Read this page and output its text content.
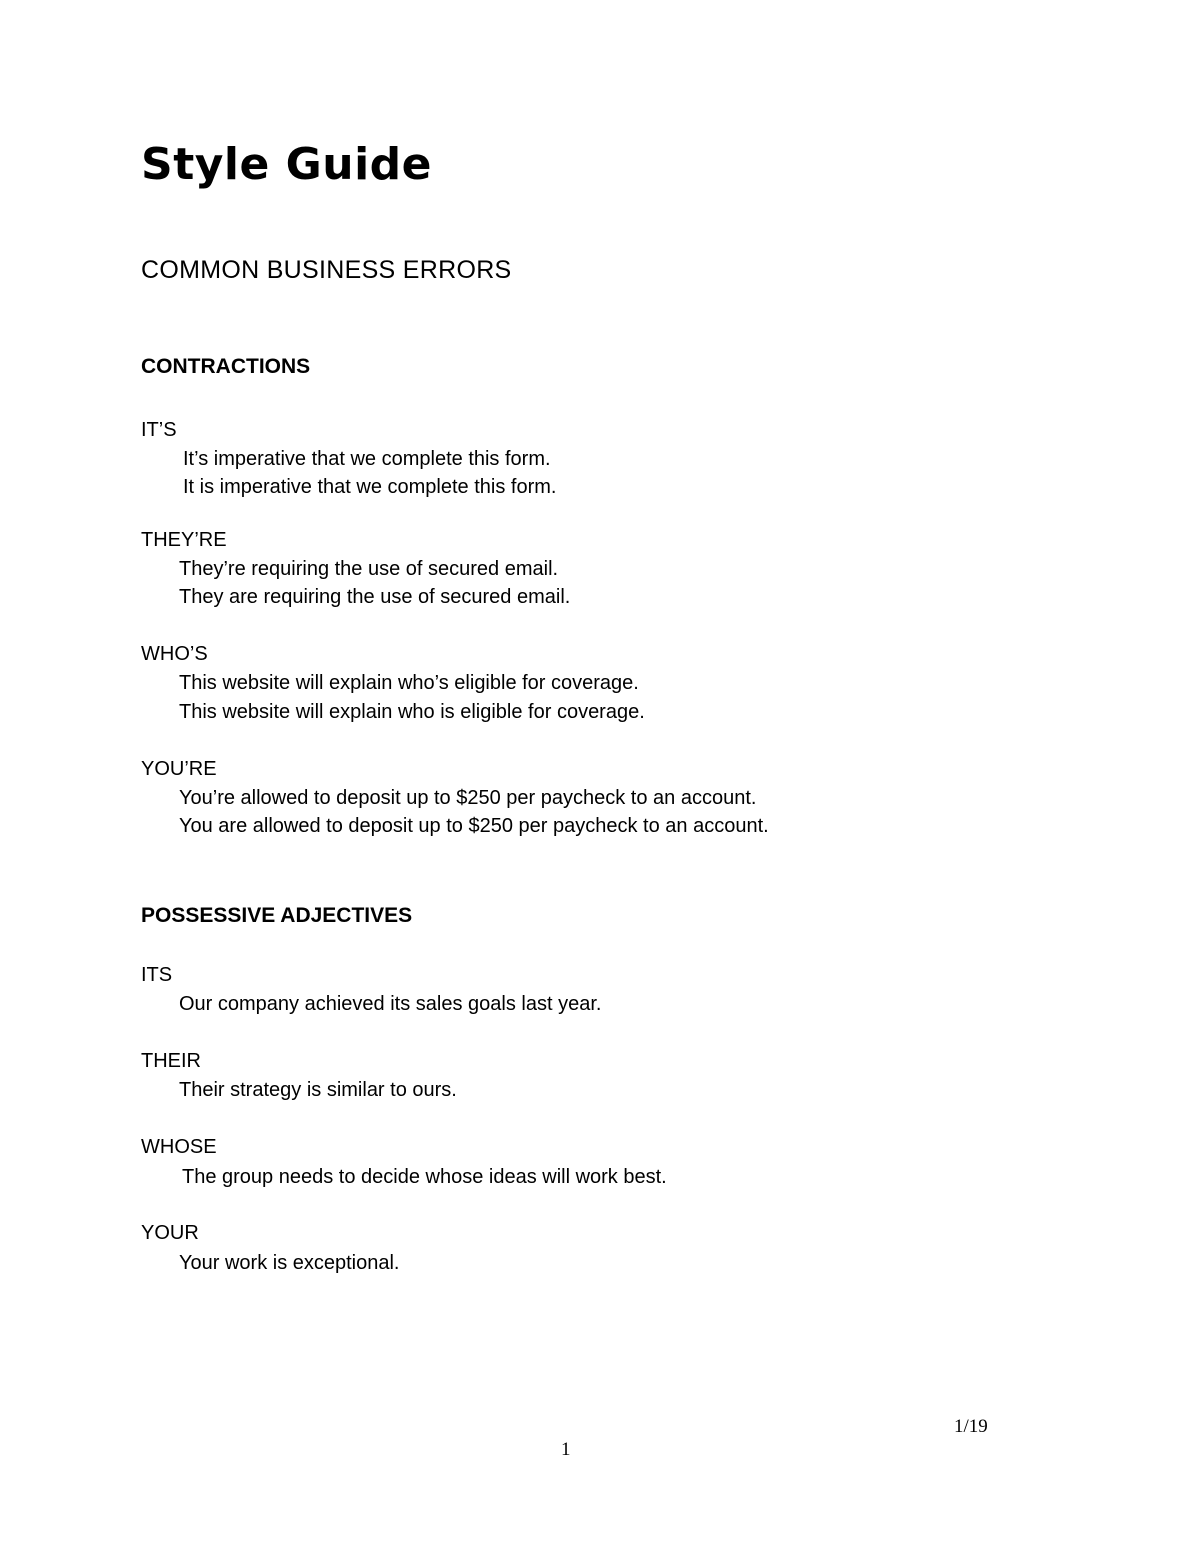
Style Guide
COMMON BUSINESS ERRORS
CONTRACTIONS
IT’S
It’s imperative that we complete this form.
It is imperative that we complete this form.
THEY’RE
They’re requiring the use of secured email.
They are requiring the use of secured email.
WHO’S
This website will explain who’s eligible for coverage.
This website will explain who is eligible for coverage.
YOU’RE
You’re allowed to deposit up to $250 per paycheck to an account.
You are allowed to deposit up to $250 per paycheck to an account.
POSSESSIVE ADJECTIVES
ITS
Our company achieved its sales goals last year.
THEIR
Their strategy is similar to ours.
WHOSE
The group needs to decide whose ideas will work best.
YOUR
Your work is exceptional.
1/19
1
